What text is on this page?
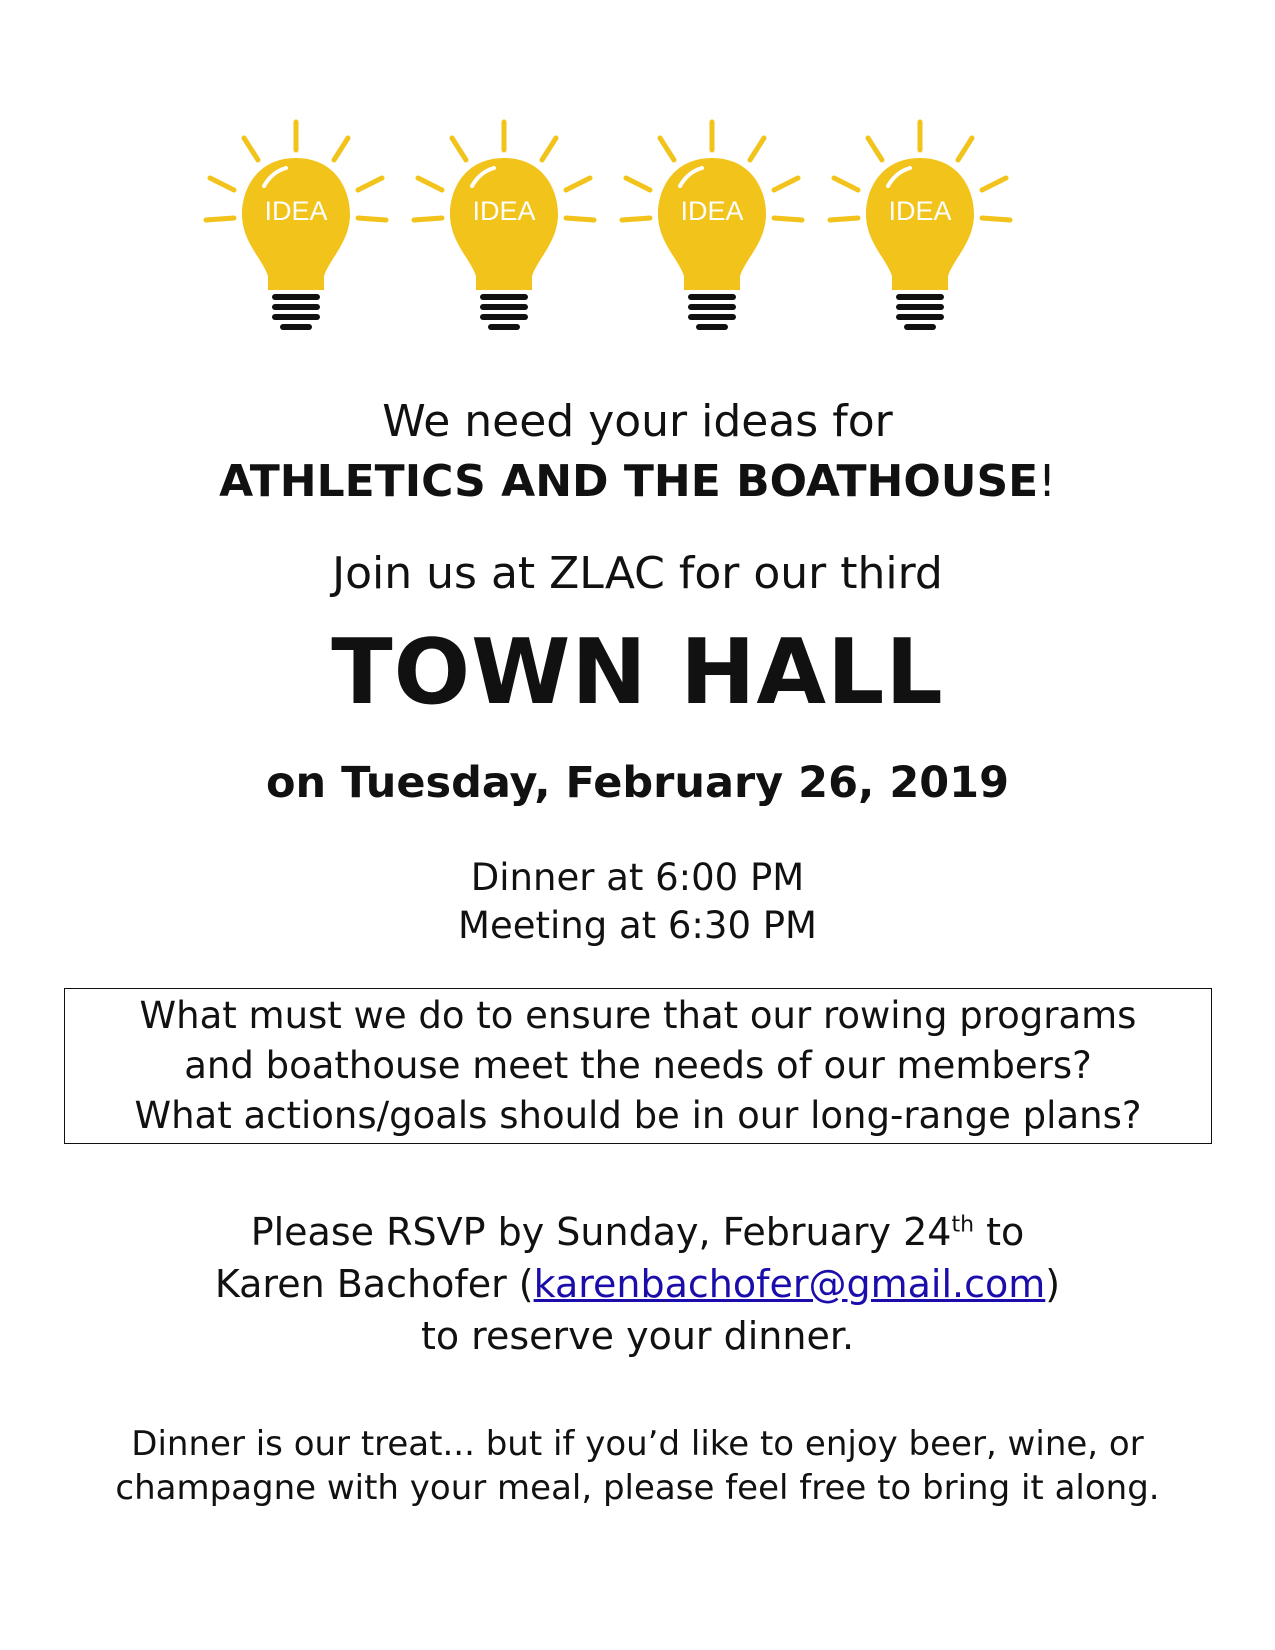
IDEA	IDEA	IDEA	IDEA
We need your ideas for
ATHLETICS AND THE BOATHOUSE!
Join us at ZLAC for our third
TOWN HALL
on Tuesday, February 26, 2019
Dinner at 6:00 PM
Meeting at 6:30 PM
What must we do to ensure that our rowing programs
and boathouse meet the needs of our members?
What actions/goals should be in our long-range plans?
Please RSVP by Sunday, February 24th to
Karen Bachofer (karenbachofer@gmail.com)
to reserve your dinner.
Dinner is our treat... but if you’d like to enjoy beer, wine, or
champagne with your meal, please feel free to bring it along.
